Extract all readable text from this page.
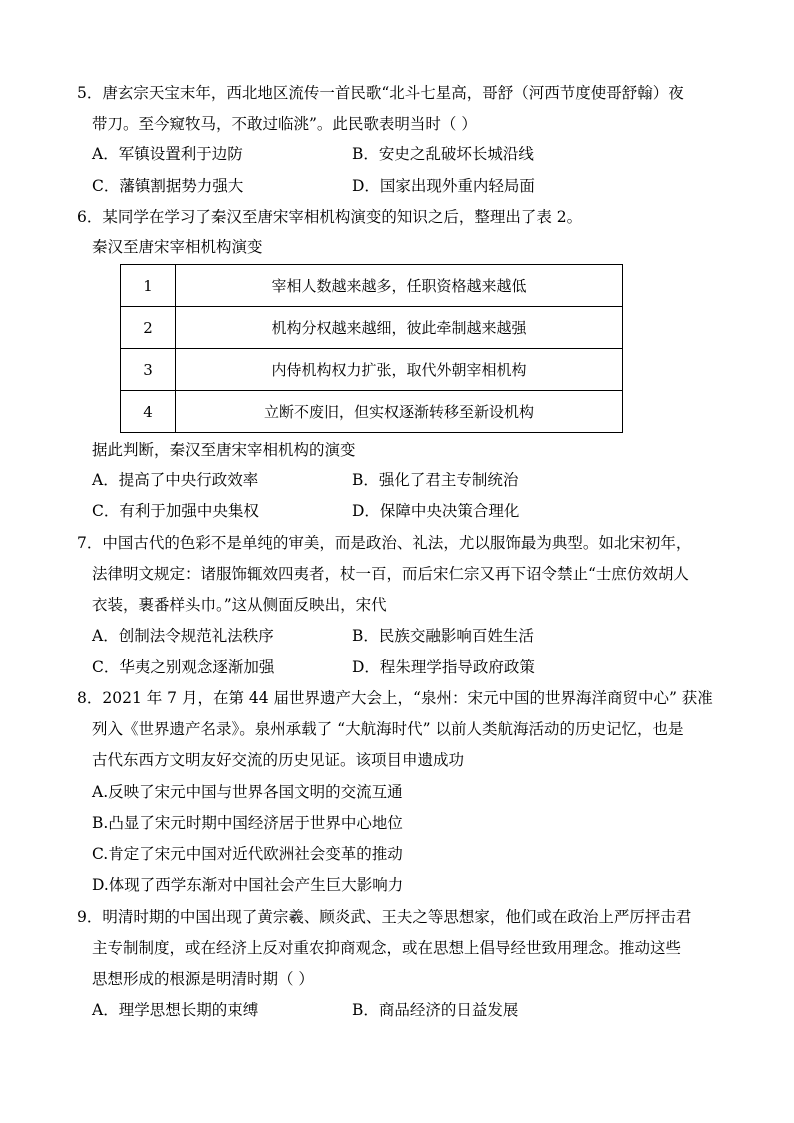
5．唐玄宗天宝末年，西北地区流传一首民歌“北斗七星高，哥舒（河西节度使哥舒翰）夜
带刀。至今窥牧马，不敢过临洮”。此民歌表明当时（ ）
A．军镇设置利于边防	B．安史之乱破坏长城沿线
C．藩镇割据势力强大	D．国家出现外重内轻局面
6．某同学在学习了秦汉至唐宋宰相机构演变的知识之后，整理出了表 2。
秦汉至唐宋宰相机构演变
1	宰相人数越来越多，任职资格越来越低
2	机构分权越来越细，彼此牵制越来越强
3	内侍机构权力扩张，取代外朝宰相机构
4	立断不废旧，但实权逐渐转移至新设机构
据此判断，秦汉至唐宋宰相机构的演变
A．提高了中央行政效率	B．强化了君主专制统治
C．有利于加强中央集权	D．保障中央决策合理化
7．中国古代的色彩不是单纯的审美，而是政治、礼法，尤以服饰最为典型。如北宋初年，
法律明文规定：诸服饰辄效四夷者，杖一百，而后宋仁宗又再下诏令禁止“士庶仿效胡人
衣装，裹番样头巾。”这从侧面反映出，宋代
A．创制法令规范礼法秩序	B．民族交融影响百姓生活
C．华夷之别观念逐渐加强	D．程朱理学指导政府政策
8．2021 年 7 月，在第 44 届世界遗产大会上，“泉州：宋元中国的世界海洋商贸中心” 获准
列入《世界遗产名录》。泉州承载了 “大航海时代” 以前人类航海活动的历史记忆，也是
古代东西方文明友好交流的历史见证。该项目申遗成功
A.反映了宋元中国与世界各国文明的交流互通
B.凸显了宋元时期中国经济居于世界中心地位
C.肯定了宋元中国对近代欧洲社会变革的推动
D.体现了西学东渐对中国社会产生巨大影响力
9．明清时期的中国出现了黄宗羲、顾炎武、王夫之等思想家，他们或在政治上严厉抨击君
主专制制度，或在经济上反对重农抑商观念，或在思想上倡导经世致用理念。推动这些
思想形成的根源是明清时期（ ）
A．理学思想长期的束缚	B．商品经济的日益发展
